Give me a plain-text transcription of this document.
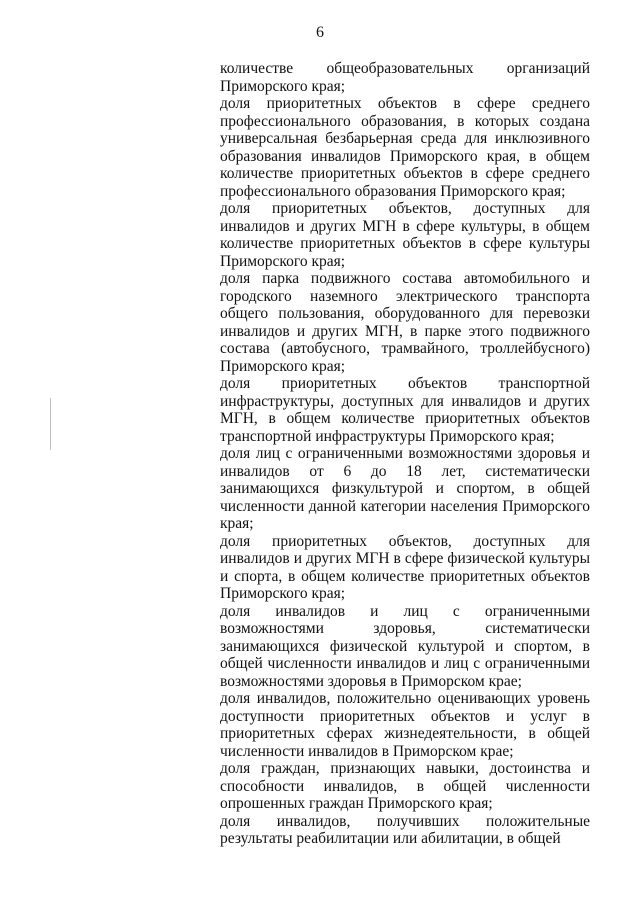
6

количестве общеобразовательных организаций Приморского края;

доля приоритетных объектов в сфере среднего профессионального образования, в которых создана универсальная безбарьерная среда для инклюзивного образования инвалидов Приморского края, в общем количестве приоритетных объектов в сфере среднего профессионального образования Приморского края;

доля приоритетных объектов, доступных для инвалидов и других МГН в сфере культуры, в общем количестве приоритетных объектов в сфере культуры Приморского края;

доля парка подвижного состава автомобильного и городского наземного электрического транспорта общего пользования, оборудованного для перевозки инвалидов и других МГН, в парке этого подвижного состава (автобусного, трамвайного, троллейбусного) Приморского края;

доля приоритетных объектов транспортной инфраструктуры, доступных для инвалидов и других МГН, в общем количестве приоритетных объектов транспортной инфраструктуры Приморского края;

доля лиц с ограниченными возможностями здоровья и инвалидов от 6 до 18 лет, систематически занимающихся физкультурой и спортом, в общей численности данной категории населения Приморского края;

доля приоритетных объектов, доступных для инвалидов и других МГН в сфере физической культуры и спорта, в общем количестве приоритетных объектов Приморского края;

доля инвалидов и лиц с ограниченными возможностями здоровья, систематически занимающихся физической культурой и спортом, в общей численности инвалидов и лиц с ограниченными возможностями здоровья в Приморском крае;

доля инвалидов, положительно оценивающих уровень доступности приоритетных объектов и услуг в приоритетных сферах жизнедеятельности, в общей численности инвалидов в Приморском крае;

доля граждан, признающих навыки, достоинства и способности инвалидов, в общей численности опрошенных граждан Приморского края;

доля инвалидов, получивших положительные результаты реабилитации или абилитации, в общей
